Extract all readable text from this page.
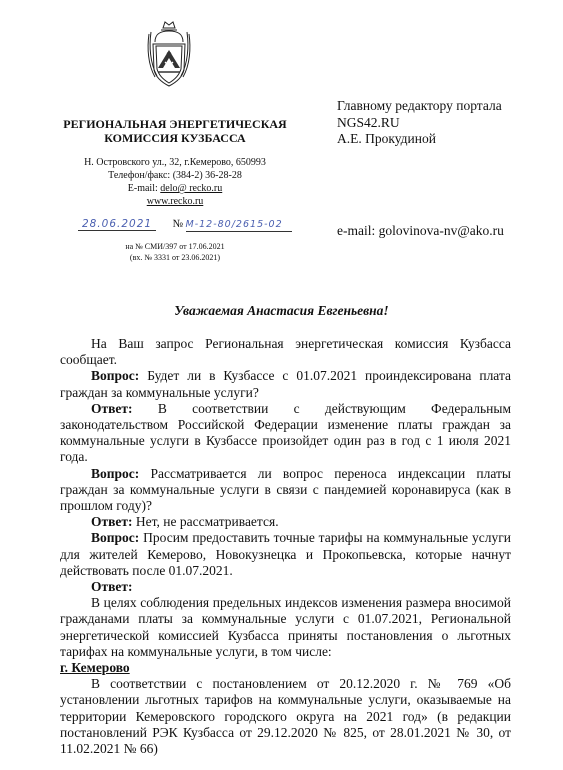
РЕГИОНАЛЬНАЯ ЭНЕРГЕТИЧЕСКАЯ
КОМИССИЯ КУЗБАССА
Н. Островского ул., 32, г.Кемерово, 650993
Телефон/факс: (384-2) 36-28-28
E-mail: delo@ recko.ru
www.recko.ru
28.06.2021 № М-12-80/2615-02
на № СМИ/397 от 17.06.2021
(вх. № 3331 от 23.06.2021)
Главному редактору портала
NGS42.RU
А.Е. Прокудиной
e-mail: golovinova-nv@ako.ru
Уважаемая Анастасия Евгеньевна!

На Ваш запрос Региональная энергетическая комиссия Кузбасса сообщает.

Вопрос: Будет ли в Кузбассе с 01.07.2021 проиндексирована плата граждан за коммунальные услуги?

Ответ: В соответствии с действующим Федеральным законодательством Российской Федерации изменение платы граждан за коммунальные услуги в Кузбассе произойдет один раз в год с 1 июля 2021 года.

Вопрос: Рассматривается ли вопрос переноса индексации платы граждан за коммунальные услуги в связи с пандемией коронавируса (как в прошлом году)?

Ответ: Нет, не рассматривается.

Вопрос: Просим предоставить точные тарифы на коммунальные услуги для жителей Кемерово, Новокузнецка и Прокопьевска, которые начнут действовать после 01.07.2021.

Ответ:

В целях соблюдения предельных индексов изменения размера вносимой гражданами платы за коммунальные услуги с 01.07.2021, Региональной энергетической комиссией Кузбасса приняты постановления о льготных тарифах на коммунальные услуги, в том числе:

г. Кемерово

В соответствии с постановлением от 20.12.2020 г. № 769 «Об установлении льготных тарифов на коммунальные услуги, оказываемые на территории Кемеровского городского округа на 2021 год» (в редакции постановлений РЭК Кузбасса от 29.12.2020 № 825, от 28.01.2021 № 30, от 11.02.2021 № 66)
